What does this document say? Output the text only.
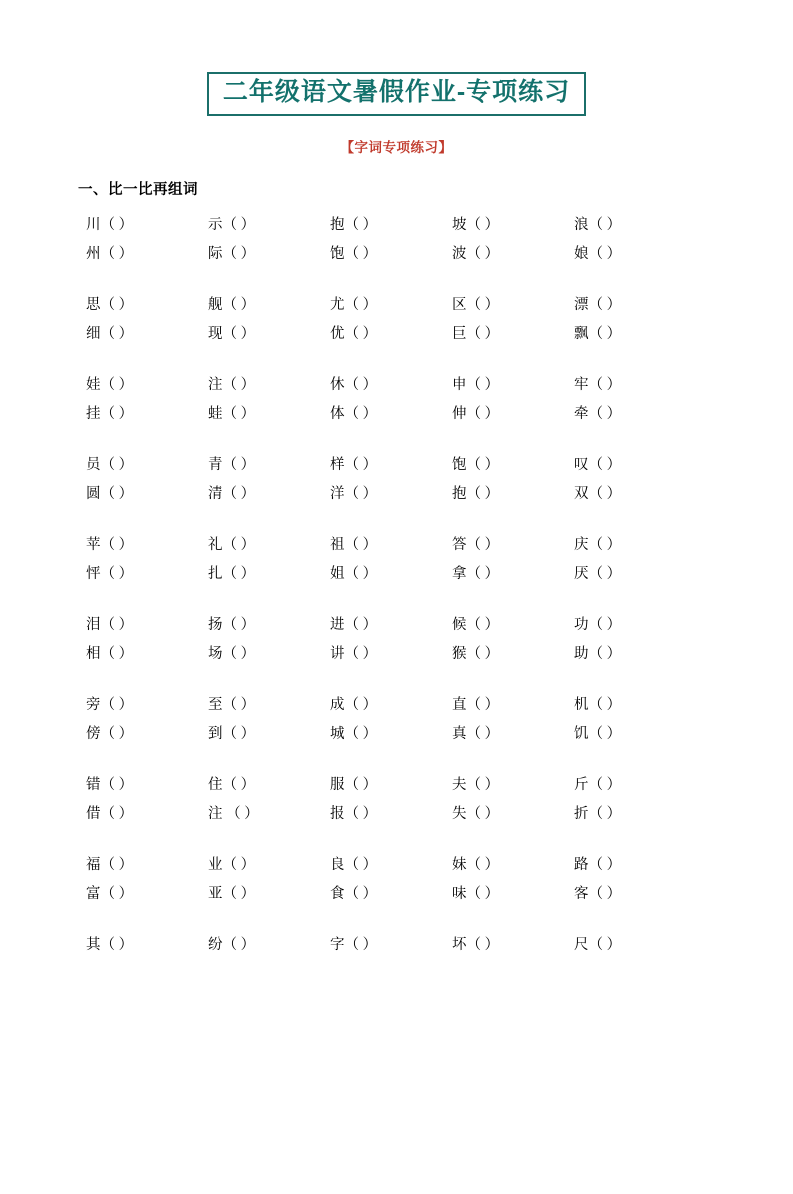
二年级语文暑假作业-专项练习
【字词专项练习】
一、比一比再组词
川（ ）	示（ ）	抱（ ）	坡（ ）	浪（ ）
州（ ）	际（ ）	饱（ ）	波（ ）	娘（ ）
思（ ）	舰（ ）	尤（ ）	区（ ）	漂（ ）
细（ ）	现（ ）	优（ ）	巨（ ）	飘（ ）
娃（ ）	注（ ）	休（ ）	申（ ）	牢（ ）
挂（ ）	蛙（ ）	体（ ）	伸（ ）	牵（ ）
员（ ）	青（ ）	样（ ）	饱（ ）	叹（ ）
圆（ ）	清（ ）	洋（ ）	抱（ ）	双（ ）
苹（ ）	礼（ ）	祖（ ）	答（ ）	庆（ ）
怦（ ）	扎（ ）	姐（ ）	拿（ ）	厌（ ）
泪（ ）	扬（ ）	进（ ）	候（ ）	功（ ）
相（ ）	场（ ）	讲（ ）	猴（ ）	助（ ）
旁（ ）	至（ ）	成（ ）	直（ ）	机（ ）
傍（ ）	到（ ）	城（ ）	真（ ）	饥（ ）
错（ ）	住（ ）	服（ ）	夫（ ）	斤（ ）
借（ ）	注 （ ）	报（ ）	失（ ）	折（ ）
福（ ）	业（ ）	良（ ）	妹（ ）	路（ ）
富（ ）	亚（ ）	食（ ）	味（ ）	客（ ）
其（ ）	纷（ ）	字（ ）	坏（ ）	尺（ ）
